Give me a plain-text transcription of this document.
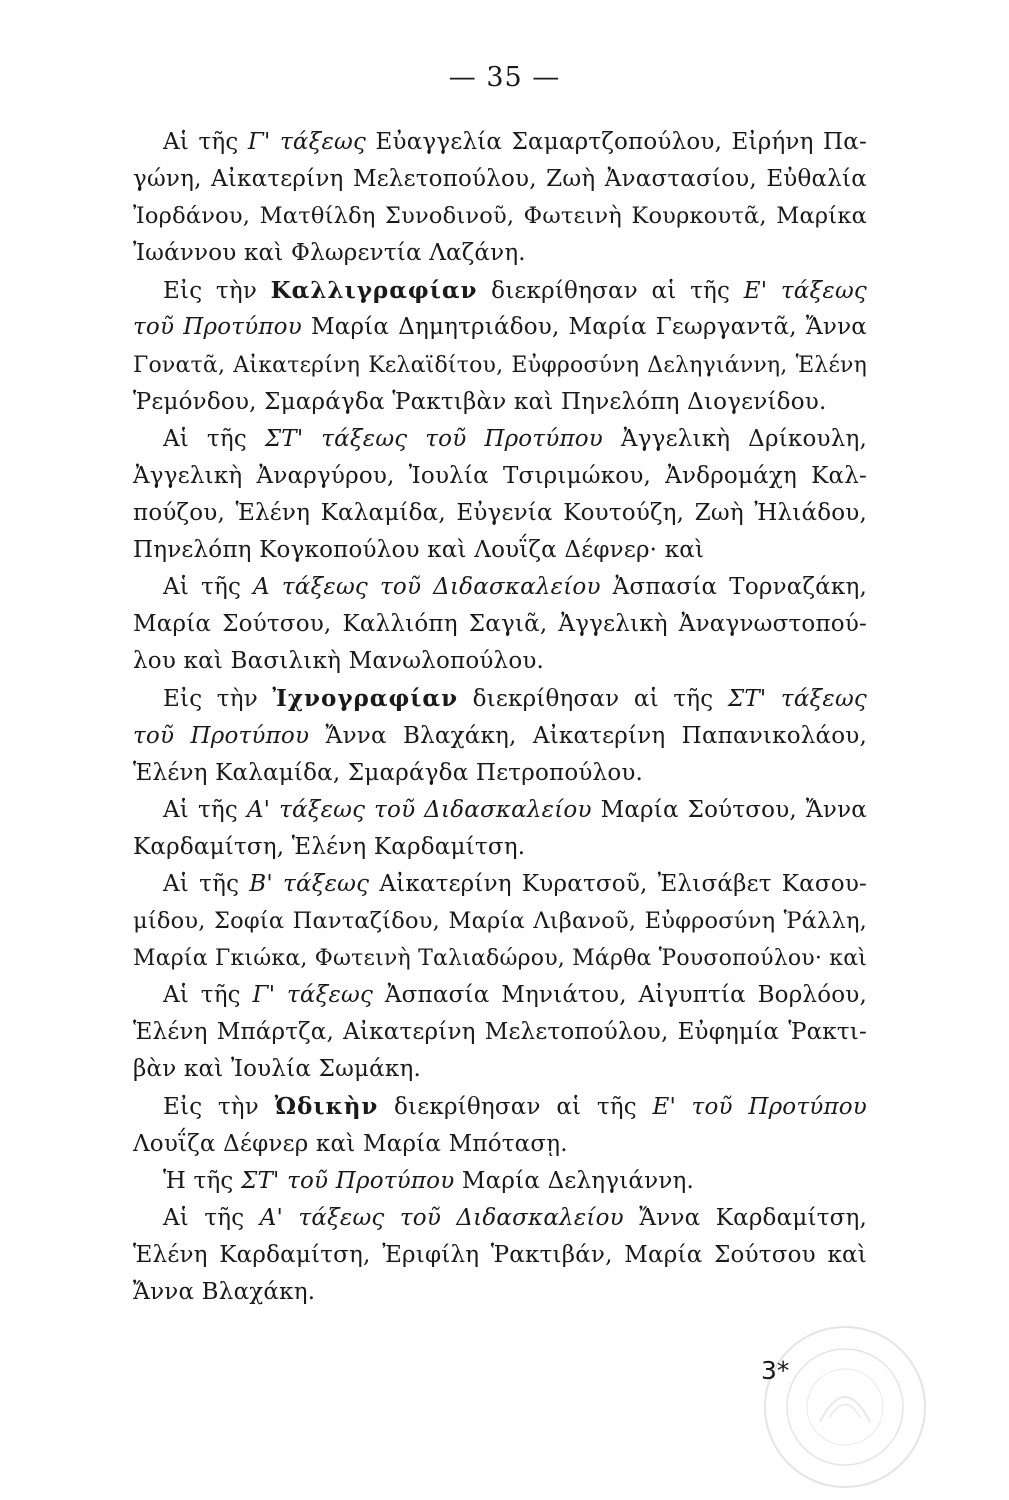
— 35 —
Αἱ τῆς Γ' τάξεως Εὐαγγελία Σαμαρτζοπούλου, Εἰρήνη Πα-
γώνη, Αἰκατερίνη Μελετοπούλου, Ζωὴ Ἀναστασίου, Εὐθαλία
Ἰορδάνου, Ματθίλδη Συνοδινοῦ, Φωτεινὴ Κουρκουτᾶ, Μαρίκα
Ἰωάννου καὶ Φλωρεντία Λαζάνη.
Εἰς τὴν Καλλιγραφίαν διεκρίθησαν αἱ τῆς Ε' τάξεως
τοῦ Προτύπου Μαρία Δημητριάδου, Μαρία Γεωργαντᾶ, Ἄννα
Γονατᾶ, Αἰκατερίνη Κελαϊδίτου, Εὐφροσύνη Δεληγιάννη, Ἑλένη
Ῥεμόνδου, Σμαράγδα Ῥακτιβὰν καὶ Πηνελόπη Διογενίδου.
Αἱ τῆς ΣΤ' τάξεως τοῦ Προτύπου Ἀγγελικὴ Δρίκουλη,
Ἀγγελικὴ Ἀναργύρου, Ἰουλία Τσιριμώκου, Ἀνδρομάχη Καλ-
πούζου, Ἑλένη Καλαμίδα, Εὐγενία Κουτούζη, Ζωὴ Ἠλιάδου,
Πηνελόπη Κογκοπούλου καὶ Λουΐζα Δέφνερ· καὶ
Αἱ τῆς Α τάξεως τοῦ Διδασκαλείου Ἀσπασία Τορναζάκη,
Μαρία Σούτσου, Καλλιόπη Σαγιᾶ, Ἀγγελικὴ Ἀναγνωστοπού-
λου καὶ Βασιλικὴ Μανωλοπούλου.
Εἰς τὴν Ἰχνογραφίαν διεκρίθησαν αἱ τῆς ΣΤ' τάξεως
τοῦ Προτύπου Ἄννα Βλαχάκη, Αἰκατερίνη Παπανικολάου,
Ἑλένη Καλαμίδα, Σμαράγδα Πετροπούλου.
Αἱ τῆς Α' τάξεως τοῦ Διδασκαλείου Μαρία Σούτσου, Ἄννα
Καρδαμίτση, Ἑλένη Καρδαμίτση.
Αἱ τῆς Β' τάξεως Αἰκατερίνη Κυρατσοῦ, Ἐλισάβετ Κασου-
μίδου, Σοφία Πανταζίδου, Μαρία Λιβανοῦ, Εὐφροσύνη Ῥάλλη,
Μαρία Γκιώκα, Φωτεινὴ Ταλιαδώρου, Μάρθα Ῥουσοπούλου· καὶ
Αἱ τῆς Γ' τάξεως Ἀσπασία Μηνιάτου, Αἰγυπτία Βορλόου,
Ἑλένη Μπάρτζα, Αἰκατερίνη Μελετοπούλου, Εὐφημία Ῥακτι-
βὰν καὶ Ἰουλία Σωμάκη.
Εἰς τὴν Ὠδικὴν διεκρίθησαν αἱ τῆς Ε' τοῦ Προτύπου
Λουΐζα Δέφνερ καὶ Μαρία Μπότασῃ.
Ἡ τῆς ΣΤ' τοῦ Προτύπου Μαρία Δεληγιάννη.
Αἱ τῆς Α' τάξεως τοῦ Διδασκαλείου Ἄννα Καρδαμίτση,
Ἑλένη Καρδαμίτση, Ἐριφίλη Ῥακτιβάν, Μαρία Σούτσου καὶ
Ἄννα Βλαχάκη.
3*
